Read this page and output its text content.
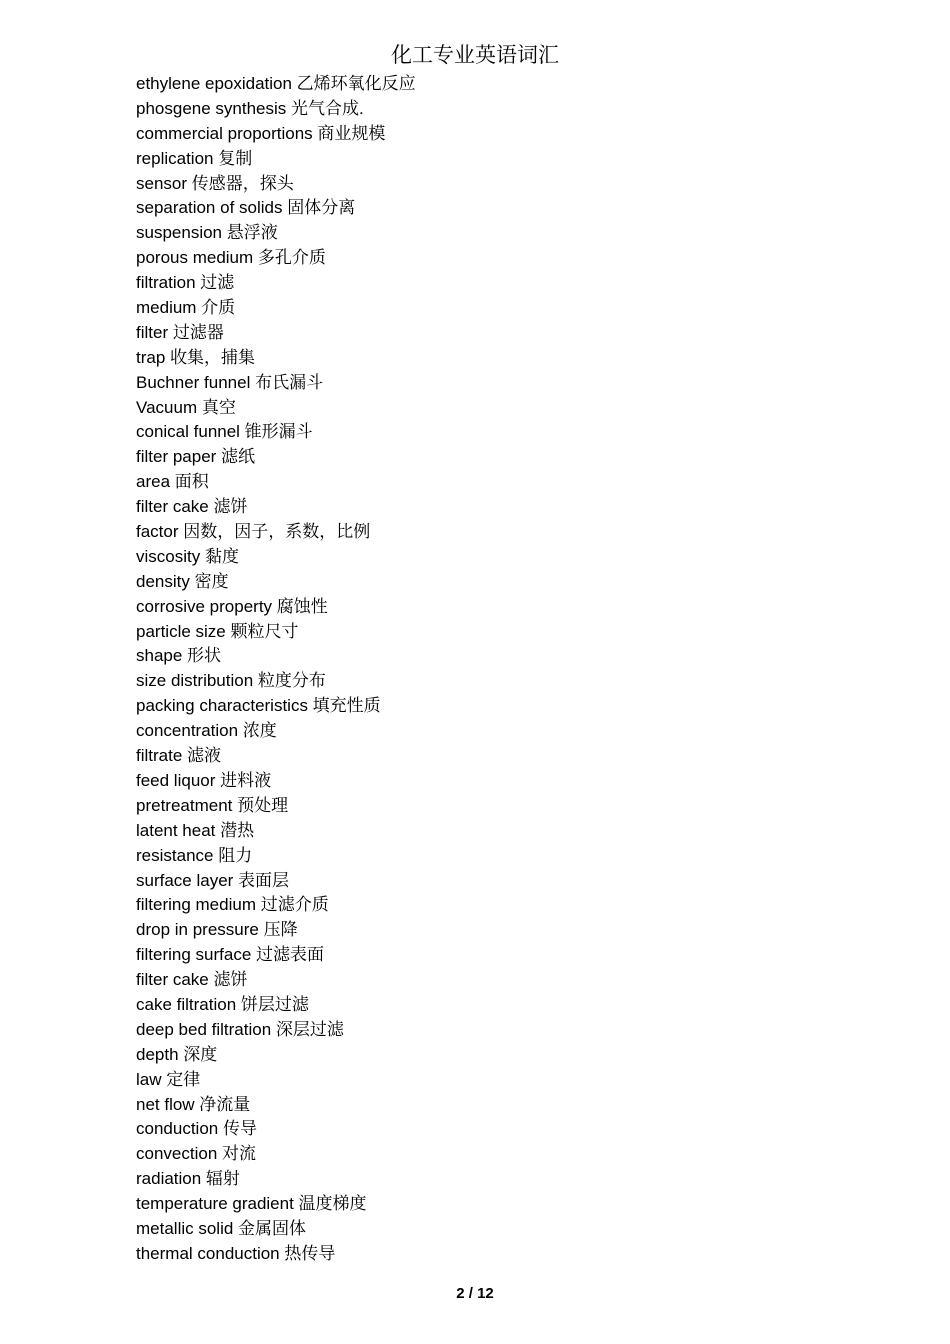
化工专业英语词汇
ethylene epoxidation 乙烯环氧化反应
phosgene synthesis 光气合成.
commercial proportions 商业规模
replication 复制
sensor 传感器，探头
separation of solids 固体分离
suspension 悬浮液
porous medium 多孔介质
filtration 过滤
medium 介质
filter 过滤器
trap 收集，捕集
Buchner funnel 布氏漏斗
Vacuum 真空
conical funnel 锥形漏斗
filter paper 滤纸
area 面积
filter cake 滤饼
factor 因数，因子，系数，比例
viscosity 黏度
density 密度
corrosive property 腐蚀性
particle size 颗粒尺寸
shape 形状
size distribution 粒度分布
packing characteristics 填充性质
concentration 浓度
filtrate 滤液
feed liquor 进料液
pretreatment 预处理
latent heat 潜热
resistance 阻力
surface layer 表面层
filtering medium 过滤介质
drop in pressure 压降
filtering surface 过滤表面
filter cake 滤饼
cake filtration 饼层过滤
deep bed filtration 深层过滤
depth 深度
law 定律
net flow 净流量
conduction 传导
convection 对流
radiation 辐射
temperature gradient 温度梯度
metallic solid 金属固体
thermal conduction 热传导
2 / 12
